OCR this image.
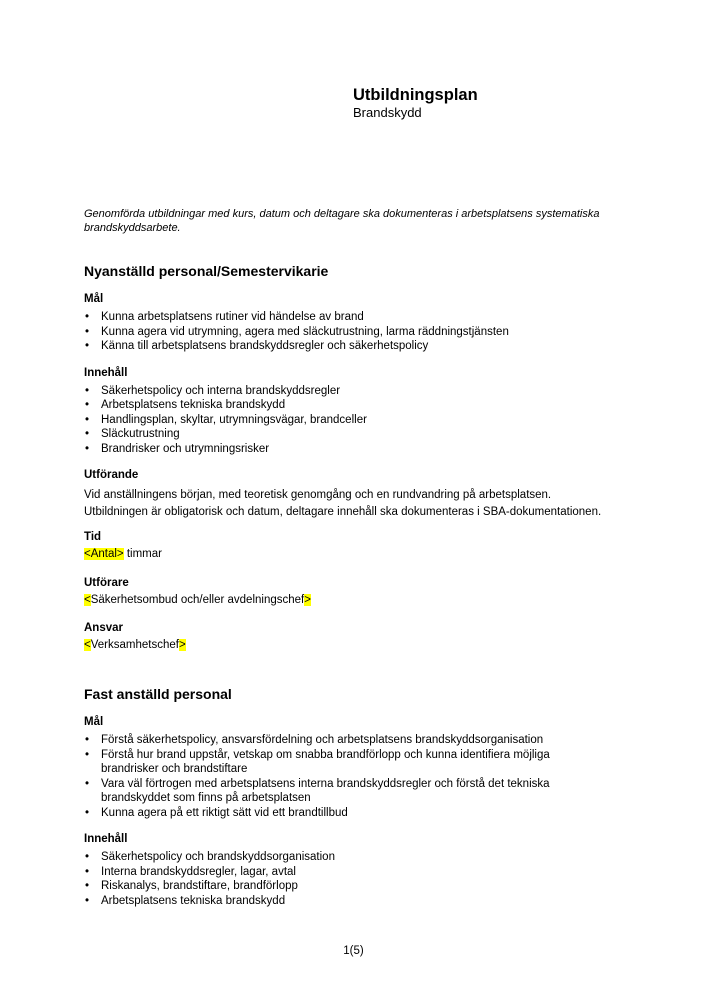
Utbildningsplan
Brandskydd

Genomförda utbildningar med kurs, datum och deltagare ska dokumenteras i arbetsplatsens systematiska brandskyddsarbete.

Nyanställd personal/Semestervikarie
Mål
• Kunna arbetsplatsens rutiner vid händelse av brand
• Kunna agera vid utrymning, agera med släckutrustning, larma räddningstjänsten
• Känna till arbetsplatsens brandskyddsregler och säkerhetspolicy
Innehåll
• Säkerhetspolicy och interna brandskyddsregler
• Arbetsplatsens tekniska brandskydd
• Handlingsplan, skyltar, utrymningsvägar, brandceller
• Släckutrustning
• Brandrisker och utrymningsrisker
Utförande

Vid anställningens början, med teoretisk genomgång och en rundvandring på arbetsplatsen.

Utbildningen är obligatorisk och datum, deltagare innehåll ska dokumenteras i SBA-dokumentationen.

Tid

<Antal> timmar

Utförare

<Säkerhetsombud och/eller avdelningschef>

Ansvar

<Verksamhetschef>

Fast anställd personal
Mål
• Förstå säkerhetspolicy, ansvarsfördelning och arbetsplatsens brandskyddsorganisation
• Förstå hur brand uppstår, vetskap om snabba brandförlopp och kunna identifiera möjliga brandrisker och brandstiftare
• Vara väl förtrogen med arbetsplatsens interna brandskyddsregler och förstå det tekniska brandskyddet som finns på arbetsplatsen
• Kunna agera på ett riktigt sätt vid ett brandtillbud
Innehåll
• Säkerhetspolicy och brandskyddsorganisation
• Interna brandskyddsregler, lagar, avtal
• Riskanalys, brandstiftare, brandförlopp
• Arbetsplatsens tekniska brandskydd
1(5)
